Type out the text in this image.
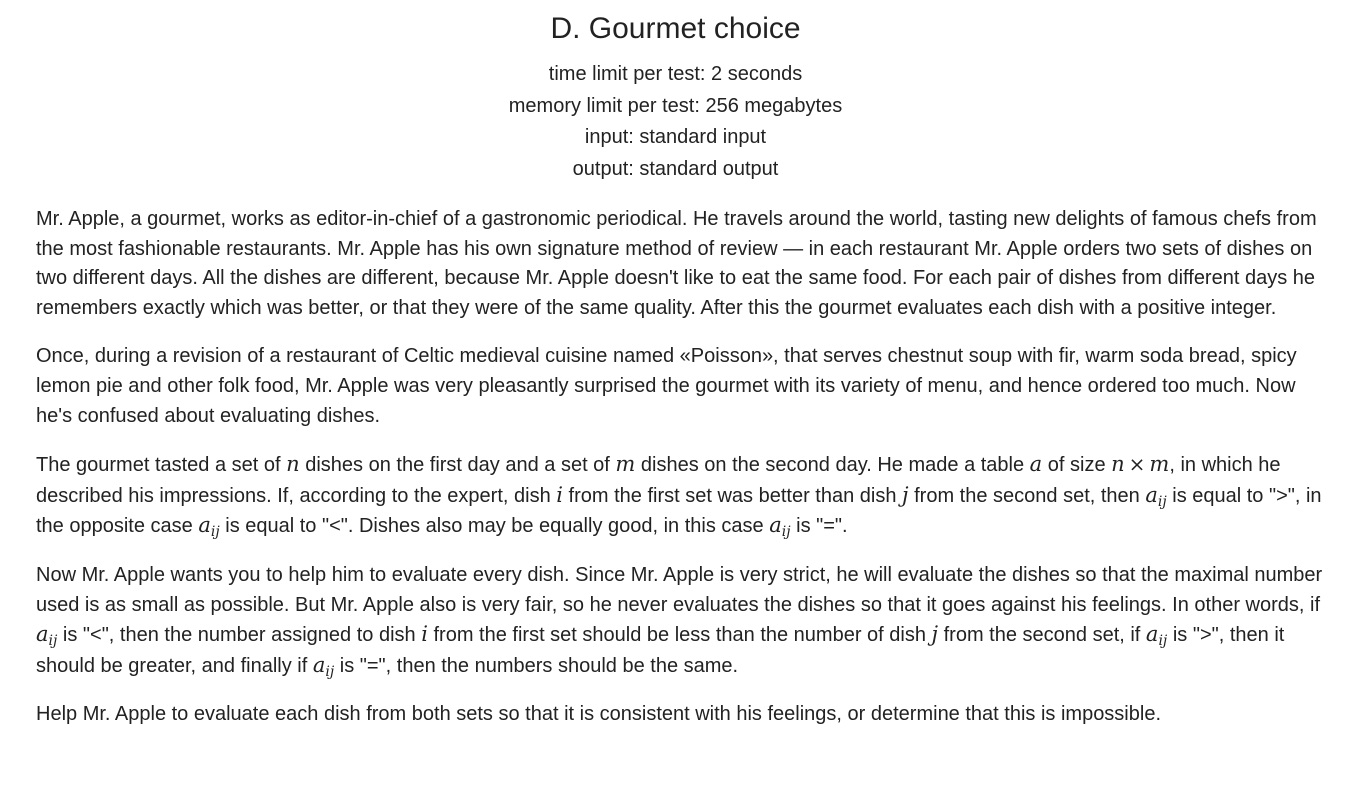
D. Gourmet choice
time limit per test: 2 seconds
memory limit per test: 256 megabytes
input: standard input
output: standard output

Mr. Apple, a gourmet, works as editor-in-chief of a gastronomic periodical. He travels around the world, tasting new delights of famous chefs from the most fashionable restaurants. Mr. Apple has his own signature method of review — in each restaurant Mr. Apple orders two sets of dishes on two different days. All the dishes are different, because Mr. Apple doesn't like to eat the same food. For each pair of dishes from different days he remembers exactly which was better, or that they were of the same quality. After this the gourmet evaluates each dish with a positive integer.

Once, during a revision of a restaurant of Celtic medieval cuisine named «Poisson», that serves chestnut soup with fir, warm soda bread, spicy lemon pie and other folk food, Mr. Apple was very pleasantly surprised the gourmet with its variety of menu, and hence ordered too much. Now he's confused about evaluating dishes.

The gourmet tasted a set of n dishes on the first day and a set of m dishes on the second day. He made a table a of size n × m, in which he described his impressions. If, according to the expert, dish i from the first set was better than dish j from the second set, then $a_{ij}$ is equal to ">", in the opposite case $a_{ij}$ is equal to "<". Dishes also may be equally good, in this case $a_{ij}$ is "=".

Now Mr. Apple wants you to help him to evaluate every dish. Since Mr. Apple is very strict, he will evaluate the dishes so that the maximal number used is as small as possible. But Mr. Apple also is very fair, so he never evaluates the dishes so that it goes against his feelings. In other words, if $a_{ij}$ is "<", then the number assigned to dish i from the first set should be less than the number of dish j from the second set, if $a_{ij}$ is ">", then it should be greater, and finally if $a_{ij}$ is "=", then the numbers should be the same.

Help Mr. Apple to evaluate each dish from both sets so that it is consistent with his feelings, or determine that this is impossible.
